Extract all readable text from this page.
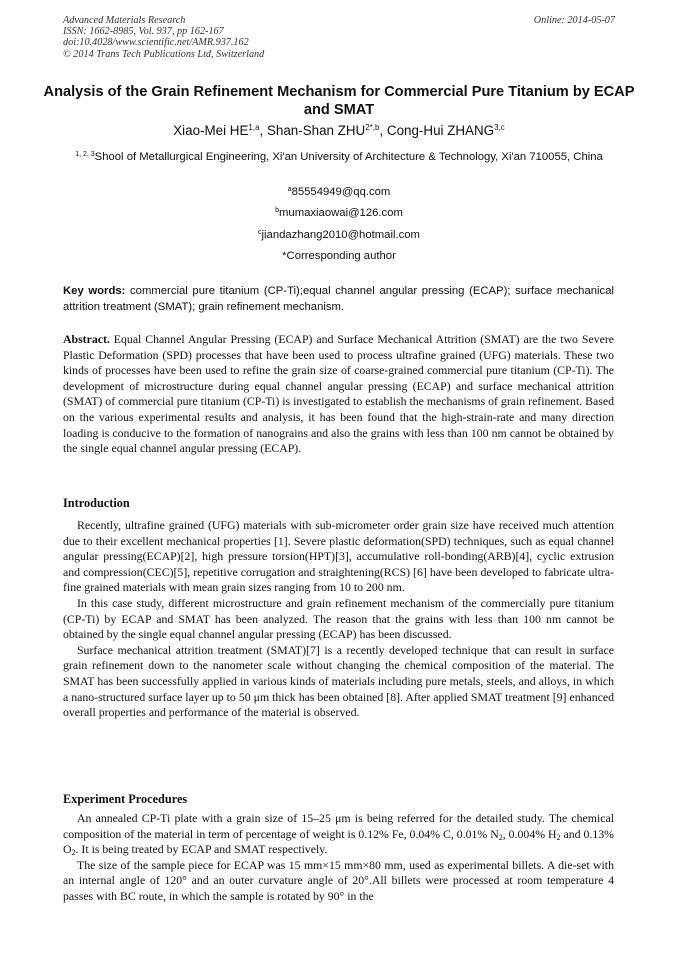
Advanced Materials Research
ISSN: 1662-8985, Vol. 937, pp 162-167
doi:10.4028/www.scientific.net/AMR.937.162
© 2014 Trans Tech Publications Ltd, Switzerland
Online: 2014-05-07
Analysis of the Grain Refinement Mechanism for Commercial Pure Titanium by ECAP and SMAT
Xiao-Mei HE$^{1,a}$, Shan-Shan $ZHU^{2*,b}$, Cong-Hui ZHANG$^{3,c}$
$^{1, 2, 3}$Shool of Metallurgical Engineering, Xi'an University of Architecture & Technology, Xi'an 710055, China
$^a$85554949@qq.com
$^b$mumaxiaowai@126.com
$^c$jiandazhang2010@hotmail.com
*Corresponding author
Key words: commercial pure titanium (CP-Ti);equal channel angular pressing (ECAP); surface mechanical attrition treatment (SMAT); grain refinement mechanism.
Abstract. Equal Channel Angular Pressing (ECAP) and Surface Mechanical Attrition (SMAT) are the two Severe Plastic Deformation (SPD) processes that have been used to process ultrafine grained (UFG) materials. These two kinds of processes have been used to refine the grain size of coarse-grained commercial pure titanium (CP-Ti). The development of microstructure during equal channel angular pressing (ECAP) and surface mechanical attrition (SMAT) of commercial pure titanium (CP-Ti) is investigated to establish the mechanisms of grain refinement. Based on the various experimental results and analysis, it has been found that the high-strain-rate and many direction loading is conducive to the formation of nanograins and also the grains with less than 100 nm cannot be obtained by the single equal channel angular pressing (ECAP).
Introduction

Recently, ultrafine grained (UFG) materials with sub-micrometer order grain size have received much attention due to their excellent mechanical properties [1]. Severe plastic deformation(SPD) techniques, such as equal channel angular pressing(ECAP)[2], high pressure torsion(HPT)[3], accumulative roll-bonding(ARB)[4], cyclic extrusion and compression(CEC)[5], repetitive corrugation and straightening(RCS) [6] have been developed to fabricate ultra-fine grained materials with mean grain sizes ranging from 10 to 200 nm.

In this case study, different microstructure and grain refinement mechanism of the commercially pure titanium (CP-Ti) by ECAP and SMAT has been analyzed. The reason that the grains with less than 100 nm cannot be obtained by the single equal channel angular pressing (ECAP) has been discussed.

Surface mechanical attrition treatment (SMAT)[7] is a recently developed technique that can result in surface grain refinement down to the nanometer scale without changing the chemical composition of the material. The SMAT has been successfully applied in various kinds of materials including pure metals, steels, and alloys, in which a nano-structured surface layer up to 50 μm thick has been obtained [8]. After applied SMAT treatment [9] enhanced overall properties and performance of the material is observed.

Experiment Procedures

An annealed CP-Ti plate with a grain size of 15–25 μm is being referred for the detailed study. The chemical composition of the material in term of percentage of weight is 0.12% Fe, 0.04% C, 0.01% $N_2$, 0.004% $H_2$ and 0.13% $O_2$. It is being treated by ECAP and SMAT respectively.

The size of the sample piece for ECAP was 15 mm×15 mm×80 mm, used as experimental billets. A die-set with an internal angle of 120° and an outer curvature angle of 20°.All billets were processed at room temperature 4 passes with BC route, in which the sample is rotated by 90° in the
